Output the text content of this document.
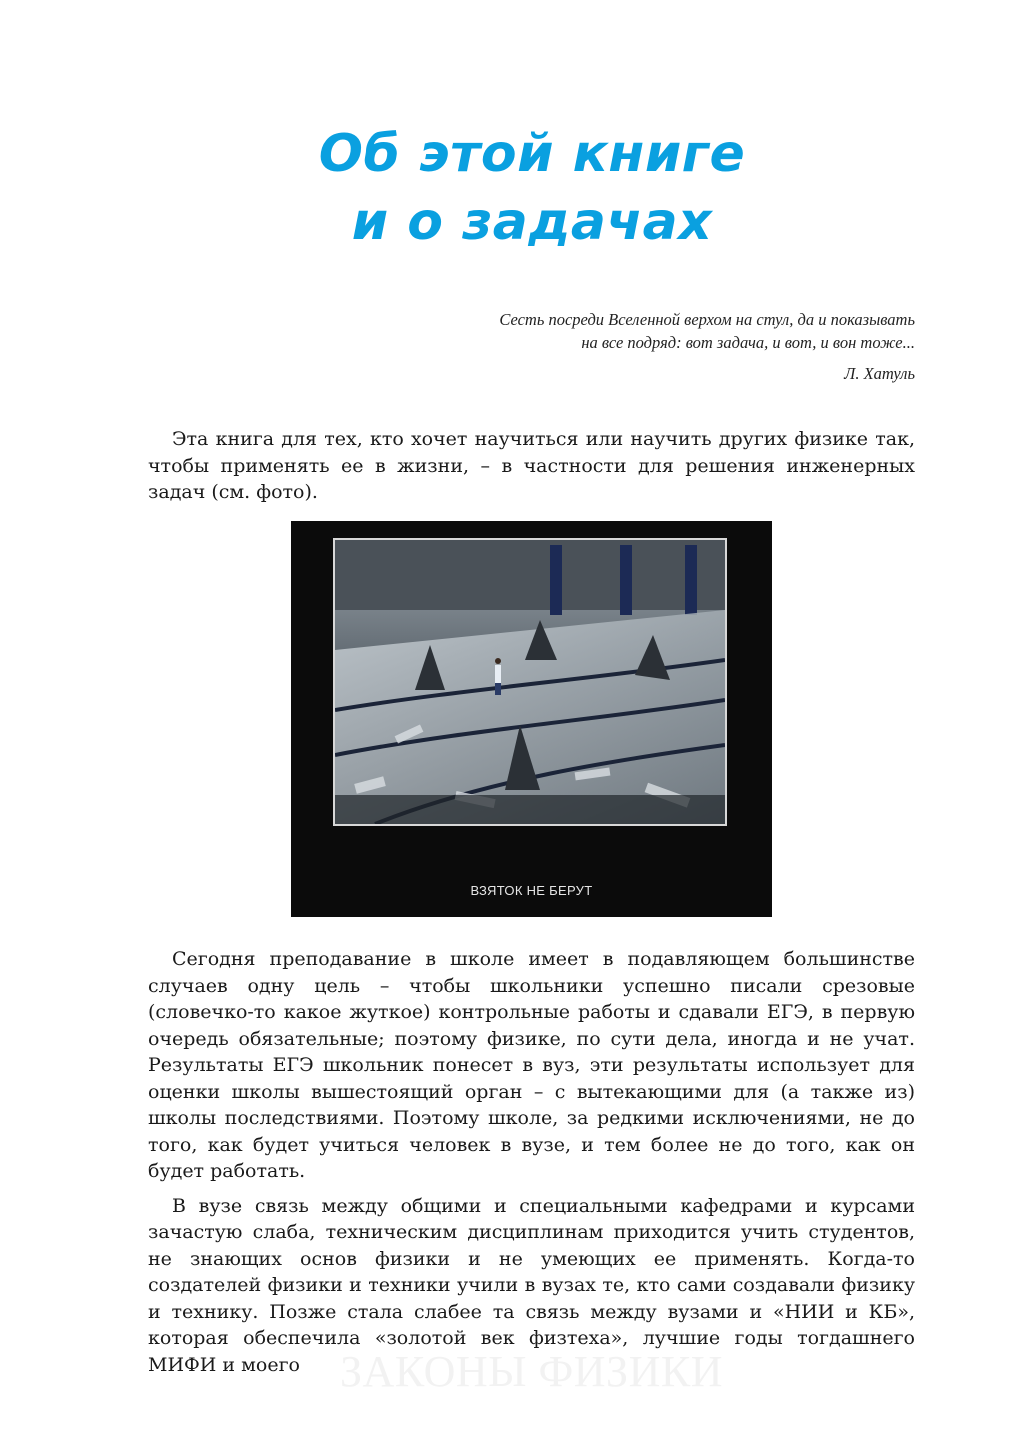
Об этой книге
и о задачах
Сесть посреди Вселенной верхом на стул, да и показывать
на все подряд: вот задача, и вот, и вон тоже...
Л. Хатуль

Эта книга для тех, кто хочет научиться или научить других физике так, чтобы применять ее в жизни, – в частности для решения инженерных задач (см. фото).

ЗАКОНЫ ФИЗИКИ
ВЗЯТОК НЕ БЕРУТ

Сегодня преподавание в школе имеет в подавляющем большинстве случаев одну цель – чтобы школьники успешно писали срезовые (словечко-то какое жуткое) контрольные работы и сдавали ЕГЭ, в первую очередь обязательные; поэтому физике, по сути дела, иногда и не учат. Результаты ЕГЭ школьник понесет в вуз, эти результаты использует для оценки школы вышестоящий орган – с вытекающими для (а также из) школы последствиями. Поэтому школе, за редкими исключениями, не до того, как будет учиться человек в вузе, и тем более не до того, как он будет работать.

В вузе связь между общими и специальными кафедрами и курсами зачастую слаба, техническим дисциплинам приходится учить студентов, не знающих основ физики и не умеющих ее применять. Когда-то создателей физики и техники учили в вузах те, кто сами создавали физику и технику. Позже стала слабее та связь между вузами и «НИИ и КБ», которая обеспечила «золотой век физтеха», лучшие годы тогдашнего МИФИ и моего
